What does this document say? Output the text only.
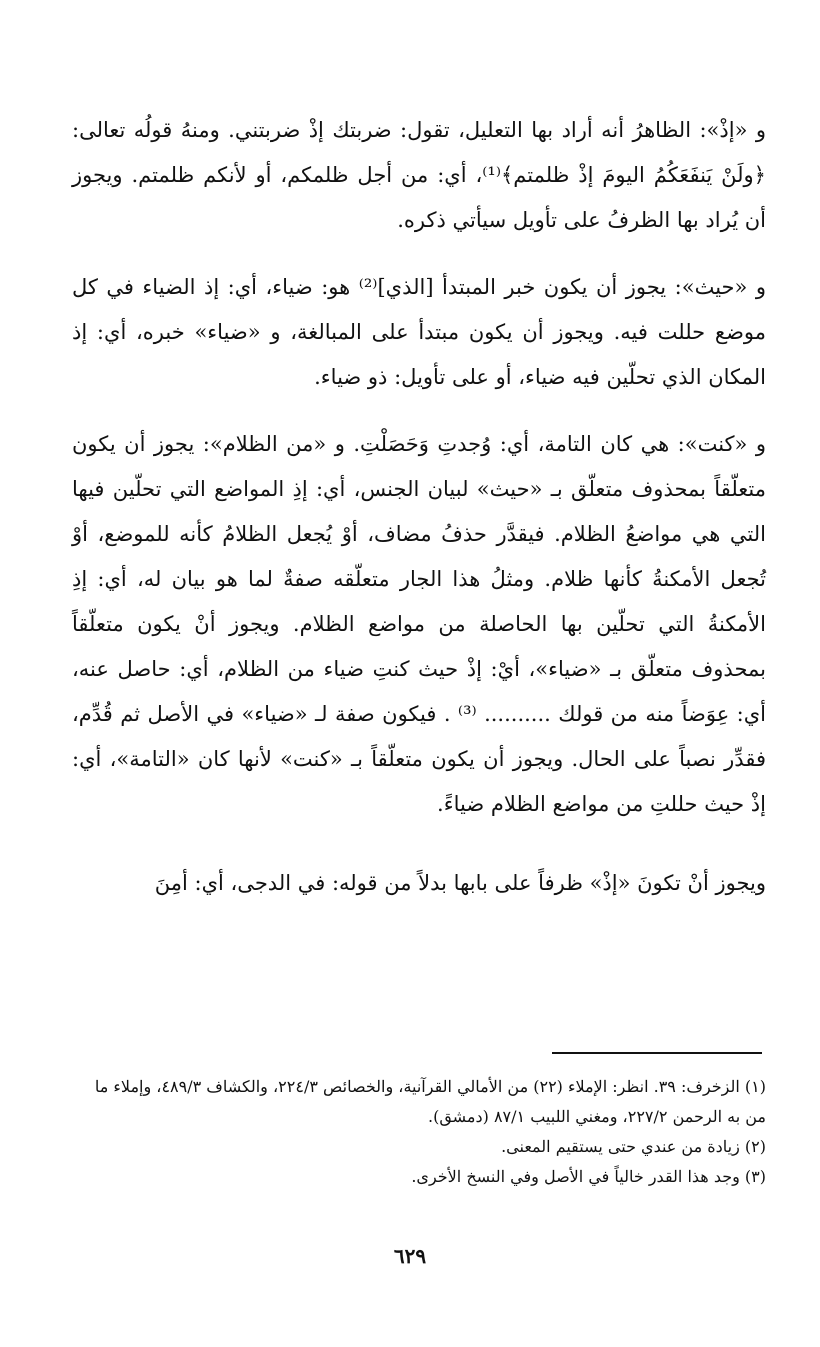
و «إذْ»: الظاهرُ أنه أراد بها التعليل، تقول: ضربتك إذْ ضربتني. ومنهُ قولُه تعالى: ﴿ولَنْ يَنفَعَكُمُ اليومَ إذْ ظلمتم﴾⁽¹⁾، أي: من أجل ظلمكم، أو لأنكم ظلمتم. ويجوز أن يُراد بها الظرفُ على تأويل سيأتي ذكره.

و «حيث»: يجوز أن يكون خبر المبتدأ [الذي]⁽²⁾ هو: ضياء، أي: إذ الضياء في كل موضع حللت فيه. ويجوز أن يكون مبتدأ على المبالغة، و «ضياء» خبره، أي: إذ المكان الذي تحلّين فيه ضياء، أو على تأويل: ذو ضياء.

و «كنت»: هي كان التامة، أي: وُجدتِ وَحَصَلْتِ. و «من الظلام»: يجوز أن يكون متعلّقاً بمحذوف متعلّق بـ «حيث» لبيان الجنس، أي: إذِ المواضع التي تحلّين فيها التي هي مواضعُ الظلام. فيقدَّر حذفُ مضاف، أوْ يُجعل الظلامُ كأنه للموضع، أوْ تُجعل الأمكنةُ كأنها ظلام. ومثلُ هذا الجار متعلّقه صفةٌ لما هو بيان له، أي: إذِ الأمكنةُ التي تحلّين بها الحاصلة من مواضع الظلام. ويجوز أنْ يكون متعلّقاً بمحذوف متعلّق بـ «ضياء»، أيْ: إذْ حيث كنتِ ضياء من الظلام، أي: حاصل عنه، أي: عِوَضاً منه من قولك .......... ⁽³⁾ . فيكون صفة لـ «ضياء» في الأصل ثم قُدِّم، فقدِّر نصباً على الحال. ويجوز أن يكون متعلّقاً بـ «كنت» لأنها كان «التامة»، أي: إذْ حيث حللتِ من مواضع الظلام ضياءً.

ويجوز أنْ تكونَ «إذْ» ظرفاً على بابها بدلاً من قوله: في الدجى، أي: أمِنَ

(١) الزخرف: ٣٩. انظر: الإملاء (٢٢) من الأمالي القرآنية، والخصائص ٢٢٤/٣، والكشاف ٤٨٩/٣، وإملاء ما من به الرحمن ٢٢٧/٢، ومغني اللبيب ٨٧/١ (دمشق).

(٢) زيادة من عندي حتى يستقيم المعنى.

(٣) وجد هذا القدر خالياً في الأصل وفي النسخ الأخرى.

٦٢٩
